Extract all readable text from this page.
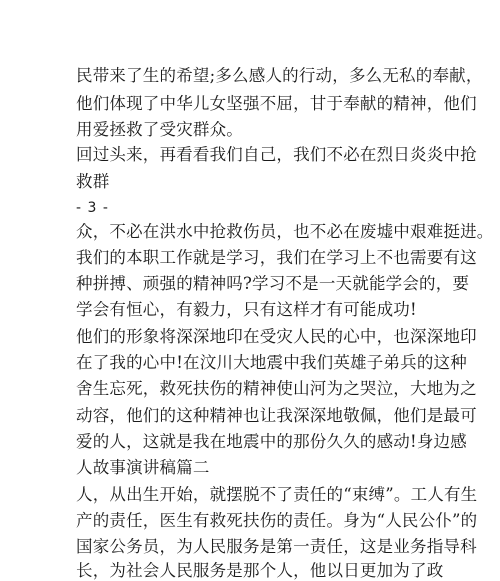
民带来了生的希望;多么感人的行动，多么无私的奉献，
他们体现了中华儿女坚强不屈，甘于奉献的精神，他们
用爱拯救了受灾群众。
回过头来，再看看我们自己，我们不必在烈日炎炎中抢
救群
- 3 -
众，不必在洪水中抢救伤员，也不必在废墟中艰难挺进。
我们的本职工作就是学习，我们在学习上不也需要有这
种拼搏、顽强的精神吗?学习不是一天就能学会的，要
学会有恒心，有毅力，只有这样才有可能成功!
他们的形象将深深地印在受灾人民的心中，也深深地印
在了我的心中!在汶川大地震中我们英雄子弟兵的这种
舍生忘死，救死扶伤的精神使山河为之哭泣，大地为之
动容，他们的这种精神也让我深深地敬佩，他们是最可
爱的人，这就是我在地震中的那份久久的感动!身边感
人故事演讲稿篇二
人，从出生开始，就摆脱不了责任的“束缚”。工人有生
产的责任，医生有救死扶伤的责任。身为“人民公仆”的
国家公务员，为人民服务是第一责任，这是业务指导科
长，为社会人民服务是那个人，他以日更加为了政
